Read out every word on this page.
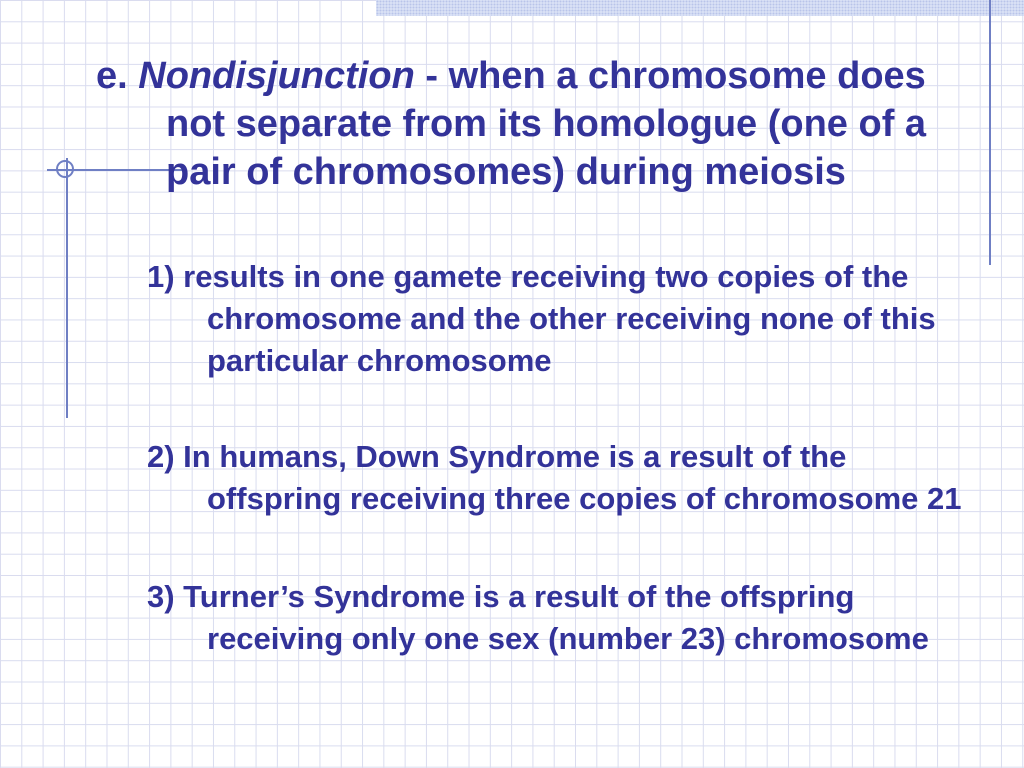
e. Nondisjunction - when a chromosome does not separate from its homologue (one of a pair of chromosomes) during meiosis
1) results in one gamete receiving two copies of the chromosome and the other receiving none of this particular chromosome
2) In humans, Down Syndrome is a result of the offspring receiving three copies of chromosome 21
3) Turner’s Syndrome is a result of the offspring receiving only one sex (number 23) chromosome
